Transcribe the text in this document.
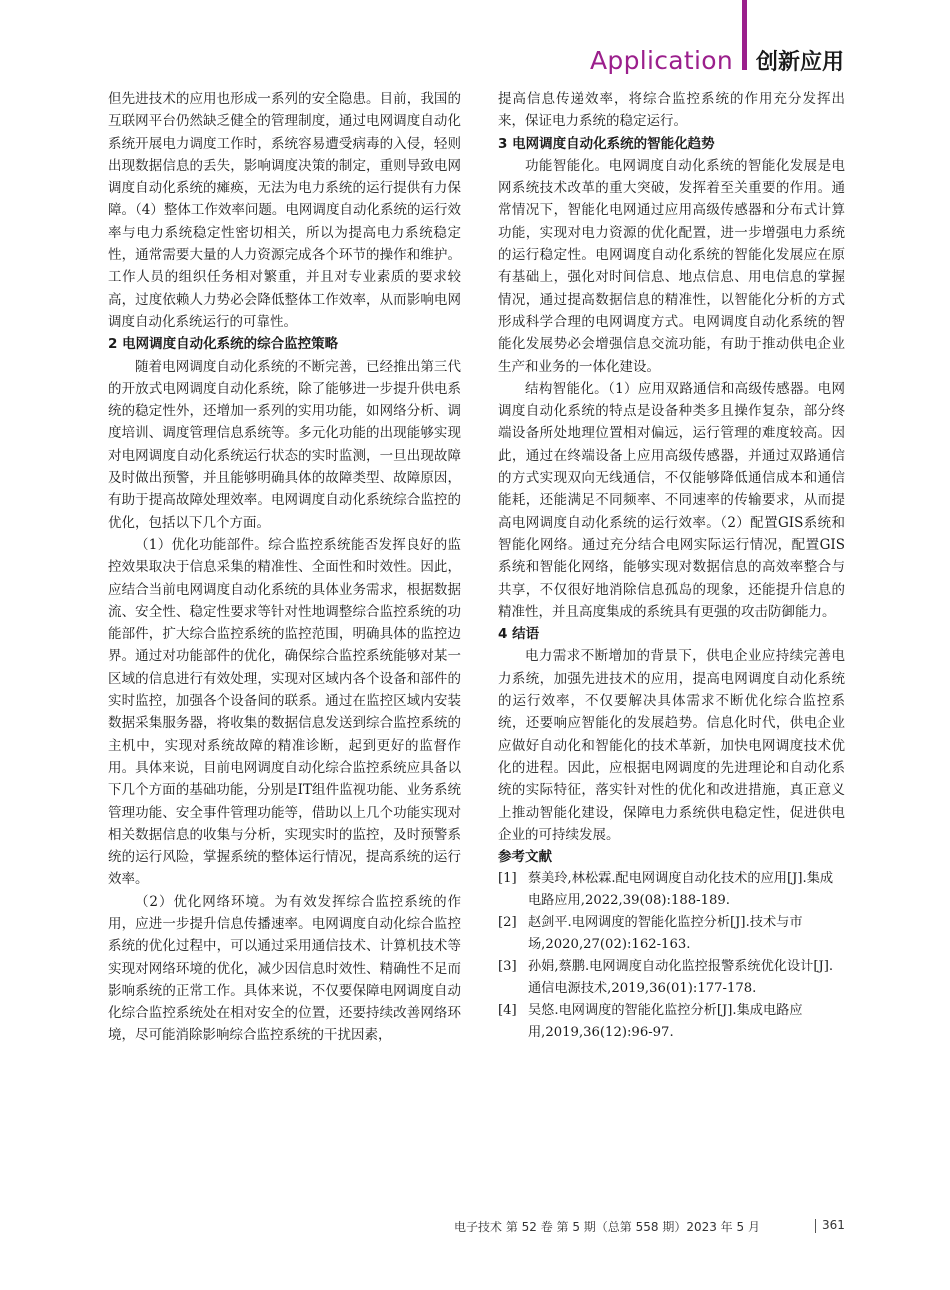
Application 创新应用

但先进技术的应用也形成一系列的安全隐患。目前，我国的互联网平台仍然缺乏健全的管理制度，通过电网调度自动化系统开展电力调度工作时，系统容易遭受病毒的入侵，轻则出现数据信息的丢失，影响调度决策的制定，重则导致电网调度自动化系统的瘫痪，无法为电力系统的运行提供有力保障。（4）整体工作效率问题。电网调度自动化系统的运行效率与电力系统稳定性密切相关，所以为提高电力系统稳定性，通常需要大量的人力资源完成各个环节的操作和维护。工作人员的组织任务相对繁重，并且对专业素质的要求较高，过度依赖人力势必会降低整体工作效率，从而影响电网调度自动化系统运行的可靠性。

2 电网调度自动化系统的综合监控策略

随着电网调度自动化系统的不断完善，已经推出第三代的开放式电网调度自动化系统，除了能够进一步提升供电系统的稳定性外，还增加一系列的实用功能，如网络分析、调度培训、调度管理信息系统等。多元化功能的出现能够实现对电网调度自动化系统运行状态的实时监测，一旦出现故障及时做出预警，并且能够明确具体的故障类型、故障原因，有助于提高故障处理效率。电网调度自动化系统综合监控的优化，包括以下几个方面。

（1）优化功能部件。综合监控系统能否发挥良好的监控效果取决于信息采集的精准性、全面性和时效性。因此，应结合当前电网调度自动化系统的具体业务需求，根据数据流、安全性、稳定性要求等针对性地调整综合监控系统的功能部件，扩大综合监控系统的监控范围，明确具体的监控边界。通过对功能部件的优化，确保综合监控系统能够对某一区域的信息进行有效处理，实现对区域内各个设备和部件的实时监控，加强各个设备间的联系。通过在监控区域内安装数据采集服务器，将收集的数据信息发送到综合监控系统的主机中，实现对系统故障的精准诊断，起到更好的监督作用。具体来说，目前电网调度自动化综合监控系统应具备以下几个方面的基础功能，分别是IT组件监视功能、业务系统管理功能、安全事件管理功能等，借助以上几个功能实现对相关数据信息的收集与分析，实现实时的监控，及时预警系统的运行风险，掌握系统的整体运行情况，提高系统的运行效率。

（2）优化网络环境。为有效发挥综合监控系统的作用，应进一步提升信息传播速率。电网调度自动化综合监控系统的优化过程中，可以通过采用通信技术、计算机技术等实现对网络环境的优化，减少因信息时效性、精确性不足而影响系统的正常工作。具体来说，不仅要保障电网调度自动化综合监控系统处在相对安全的位置，还要持续改善网络环境，尽可能消除影响综合监控系统的干扰因素，

提高信息传递效率，将综合监控系统的作用充分发挥出来，保证电力系统的稳定运行。

3 电网调度自动化系统的智能化趋势

功能智能化。电网调度自动化系统的智能化发展是电网系统技术改革的重大突破，发挥着至关重要的作用。通常情况下，智能化电网通过应用高级传感器和分布式计算功能，实现对电力资源的优化配置，进一步增强电力系统的运行稳定性。电网调度自动化系统的智能化发展应在原有基础上，强化对时间信息、地点信息、用电信息的掌握情况，通过提高数据信息的精准性，以智能化分析的方式形成科学合理的电网调度方式。电网调度自动化系统的智能化发展势必会增强信息交流功能，有助于推动供电企业生产和业务的一体化建设。

结构智能化。（1）应用双路通信和高级传感器。电网调度自动化系统的特点是设备种类多且操作复杂，部分终端设备所处地理位置相对偏远，运行管理的难度较高。因此，通过在终端设备上应用高级传感器，并通过双路通信的方式实现双向无线通信，不仅能够降低通信成本和通信能耗，还能满足不同频率、不同速率的传输要求，从而提高电网调度自动化系统的运行效率。（2）配置GIS系统和智能化网络。通过充分结合电网实际运行情况，配置GIS系统和智能化网络，能够实现对数据信息的高效率整合与共享，不仅很好地消除信息孤岛的现象，还能提升信息的精准性，并且高度集成的系统具有更强的攻击防御能力。

4 结语

电力需求不断增加的背景下，供电企业应持续完善电力系统，加强先进技术的应用，提高电网调度自动化系统的运行效率，不仅要解决具体需求不断优化综合监控系统，还要响应智能化的发展趋势。信息化时代，供电企业应做好自动化和智能化的技术革新，加快电网调度技术优化的进程。因此，应根据电网调度的先进理论和自动化系统的实际特征，落实针对性的优化和改进措施，真正意义上推动智能化建设，保障电力系统供电稳定性，促进供电企业的可持续发展。

参考文献

[1] 蔡美玲,林松霖.配电网调度自动化技术的应用[J].集成电路应用,2022,39(08):188-189.
[2] 赵剑平.电网调度的智能化监控分析[J].技术与市场,2020,27(02):162-163.
[3] 孙娟,蔡鹏.电网调度自动化监控报警系统优化设计[J].通信电源技术,2019,36(01):177-178.
[4] 吴悠.电网调度的智能化监控分析[J].集成电路应用,2019,36(12):96-97.
电子技术 第 52 卷 第 5 期（总第 558 期）2023 年 5 月	361
